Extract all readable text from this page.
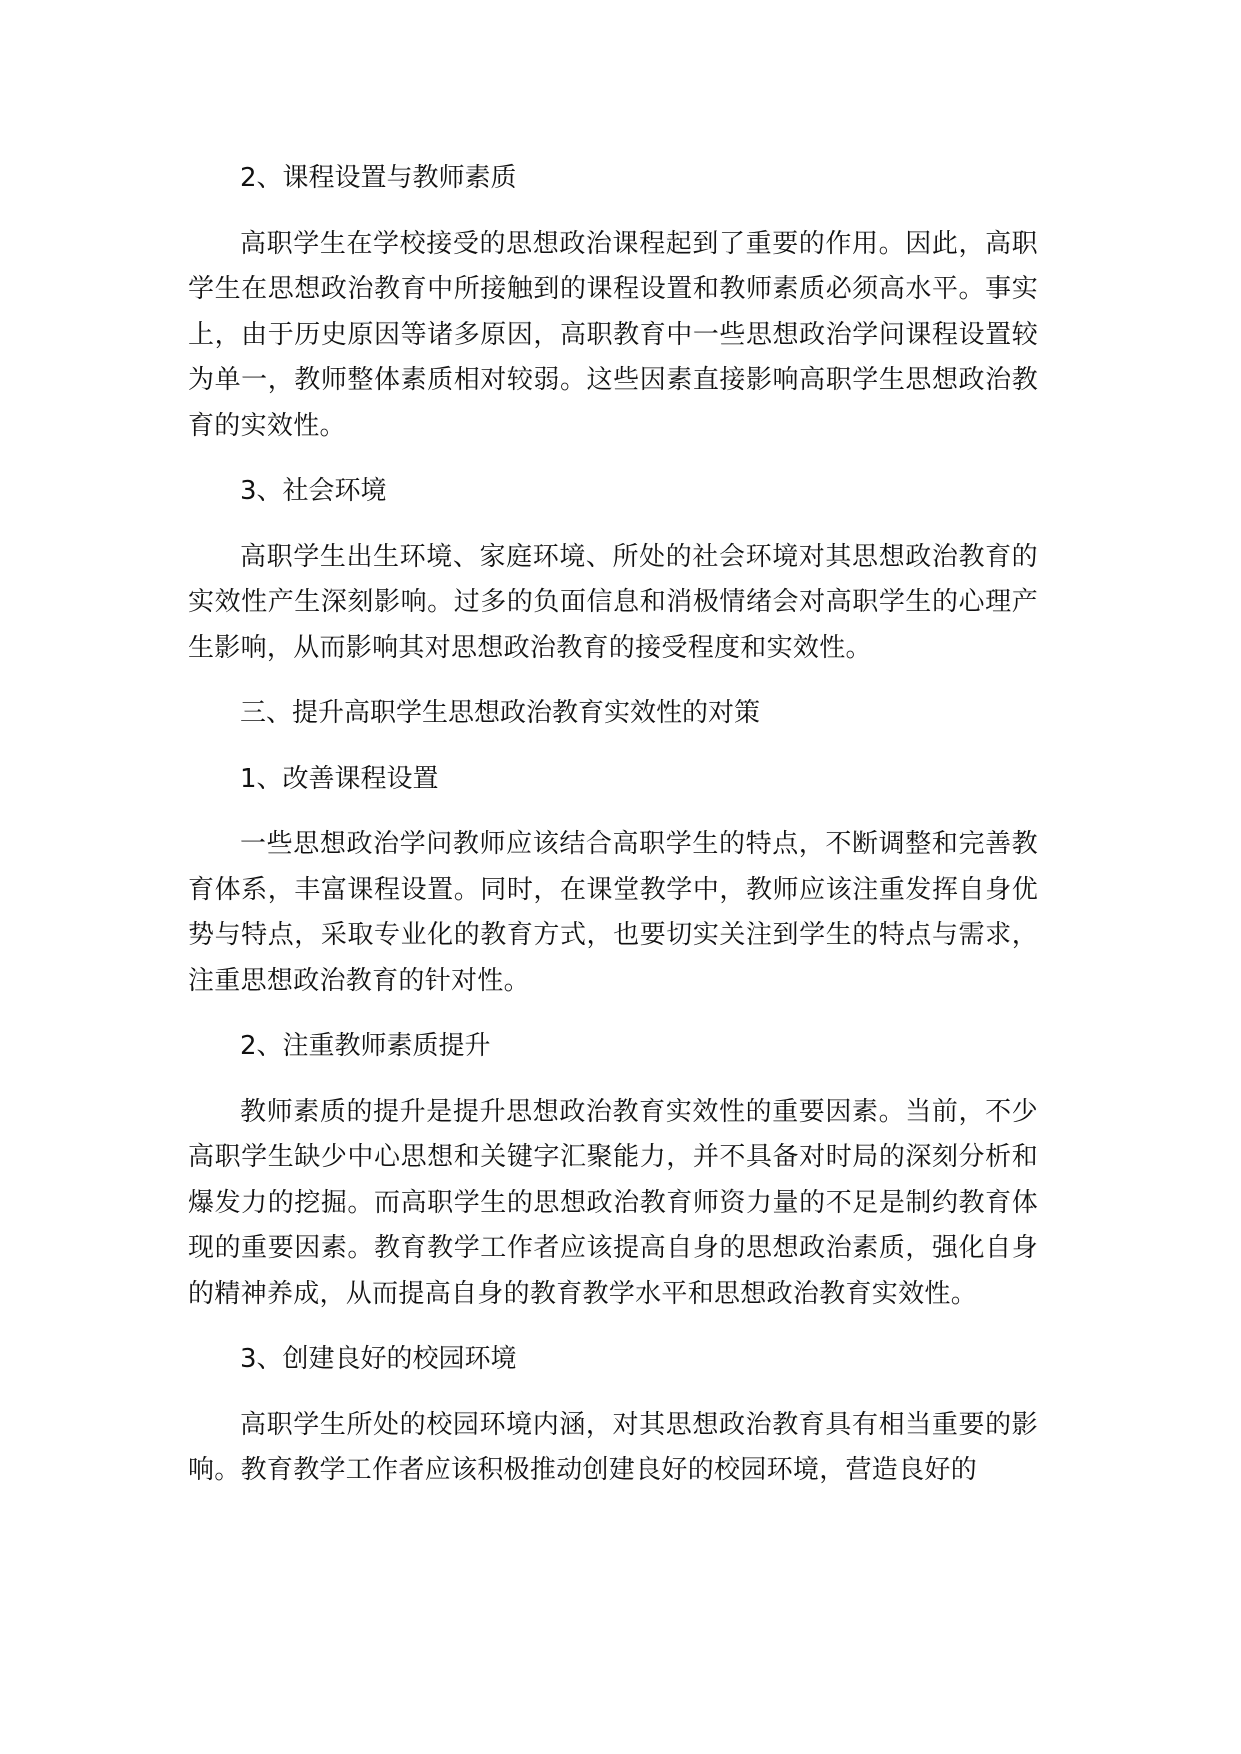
2、课程设置与教师素质

高职学生在学校接受的思想政治课程起到了重要的作用。因此，高职学生在思想政治教育中所接触到的课程设置和教师素质必须高水平。事实上，由于历史原因等诸多原因，高职教育中一些思想政治学问课程设置较为单一，教师整体素质相对较弱。这些因素直接影响高职学生思想政治教育的实效性。

3、社会环境

高职学生出生环境、家庭环境、所处的社会环境对其思想政治教育的实效性产生深刻影响。过多的负面信息和消极情绪会对高职学生的心理产生影响，从而影响其对思想政治教育的接受程度和实效性。

三、提升高职学生思想政治教育实效性的对策

1、改善课程设置

一些思想政治学问教师应该结合高职学生的特点，不断调整和完善教育体系，丰富课程设置。同时，在课堂教学中，教师应该注重发挥自身优势与特点，采取专业化的教育方式，也要切实关注到学生的特点与需求，注重思想政治教育的针对性。

2、注重教师素质提升

教师素质的提升是提升思想政治教育实效性的重要因素。当前，不少高职学生缺少中心思想和关键字汇聚能力，并不具备对时局的深刻分析和爆发力的挖掘。而高职学生的思想政治教育师资力量的不足是制约教育体现的重要因素。教育教学工作者应该提高自身的思想政治素质，强化自身的精神养成，从而提高自身的教育教学水平和思想政治教育实效性。

3、创建良好的校园环境

高职学生所处的校园环境内涵，对其思想政治教育具有相当重要的影响。教育教学工作者应该积极推动创建良好的校园环境，营造良好的
